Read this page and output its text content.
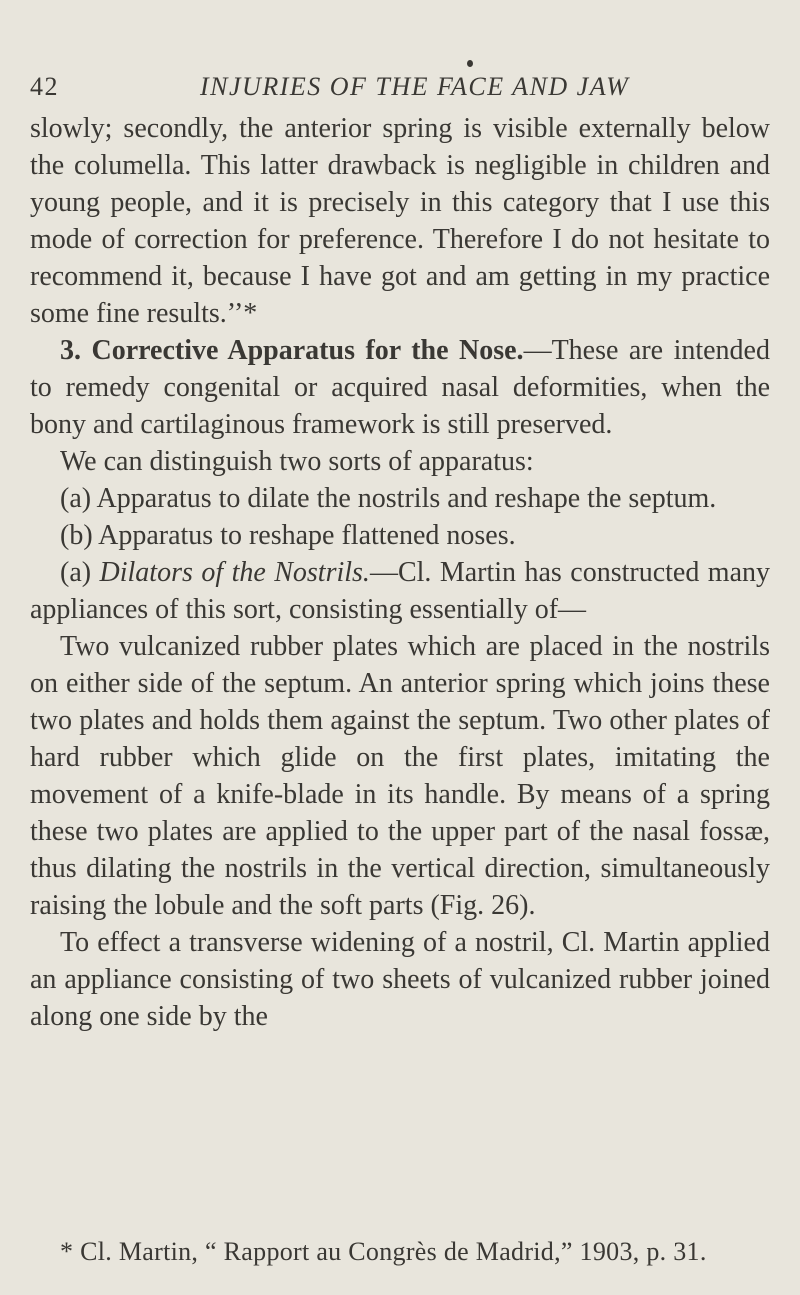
42	INJURIES OF THE FACE AND JAW

slowly; secondly, the anterior spring is visible externally below the columella. This latter drawback is negligible in children and young people, and it is precisely in this category that I use this mode of correction for preference. Therefore I do not hesitate to recommend it, because I have got and am getting in my practice some fine results.’’*

3. Corrective Apparatus for the Nose.—These are intended to remedy congenital or acquired nasal deformities, when the bony and cartilaginous framework is still preserved.

We can distinguish two sorts of apparatus:

(a) Apparatus to dilate the nostrils and reshape the septum.

(b) Apparatus to reshape flattened noses.

(a) Dilators of the Nostrils.—Cl. Martin has constructed many appliances of this sort, consisting essentially of—

Two vulcanized rubber plates which are placed in the nostrils on either side of the septum. An anterior spring which joins these two plates and holds them against the septum. Two other plates of hard rubber which glide on the first plates, imitating the movement of a knife-blade in its handle. By means of a spring these two plates are applied to the upper part of the nasal fossæ, thus dilating the nostrils in the vertical direction, simultaneously raising the lobule and the soft parts (Fig. 26).

To effect a transverse widening of a nostril, Cl. Martin applied an appliance consisting of two sheets of vulcanized rubber joined along one side by the

* Cl. Martin, “ Rapport au Congrès de Madrid,” 1903, p. 31.
